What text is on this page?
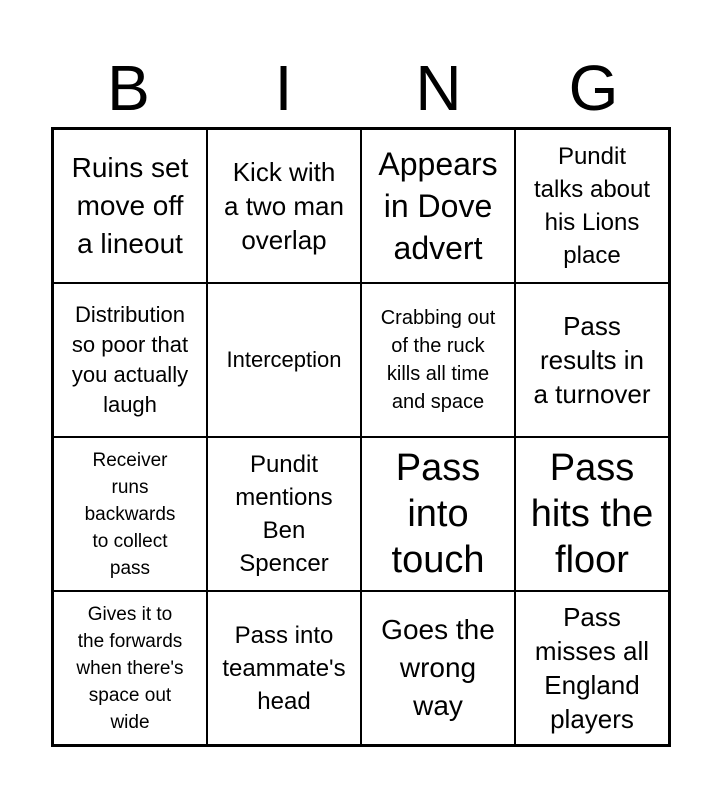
B	I	N	G
Ruins set
move off
a lineout
Kick with
a two man
overlap
Appears
in Dove
advert
Pundit
talks about
his Lions
place
Distribution
so poor that
you actually
laugh
Interception
Crabbing out
of the ruck
kills all time
and space
Pass
results in
a turnover
Receiver
runs
backwards
to collect
pass
Pundit
mentions
Ben
Spencer
Pass
into
touch
Pass
hits the
floor
Gives it to
the forwards
when there's
space out
wide
Pass into
teammate's
head
Goes the
wrong
way
Pass
misses all
England
players
